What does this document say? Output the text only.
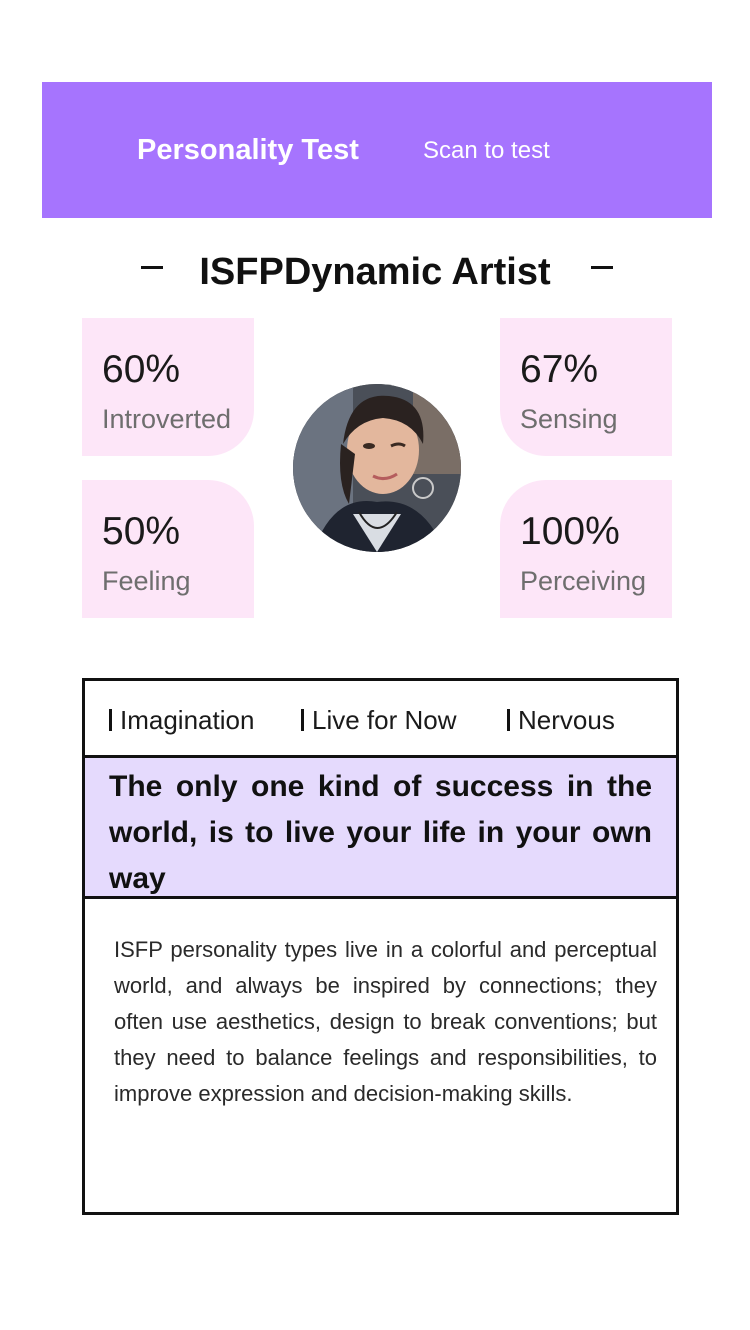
Personality Test	Scan to test
ISFPDynamic Artist
60%
Introverted
67%
Sensing
50%
Feeling
100%
Perceiving
Imagination Live for Now Nervous
The only one kind of success in the world, is to live your life in your own way
ISFP personality types live in a colorful and perceptual world, and always be inspired by connections; they often use aesthetics, design to break conventions; but they need to balance feelings and responsibilities, to improve expression and decision-making skills.
